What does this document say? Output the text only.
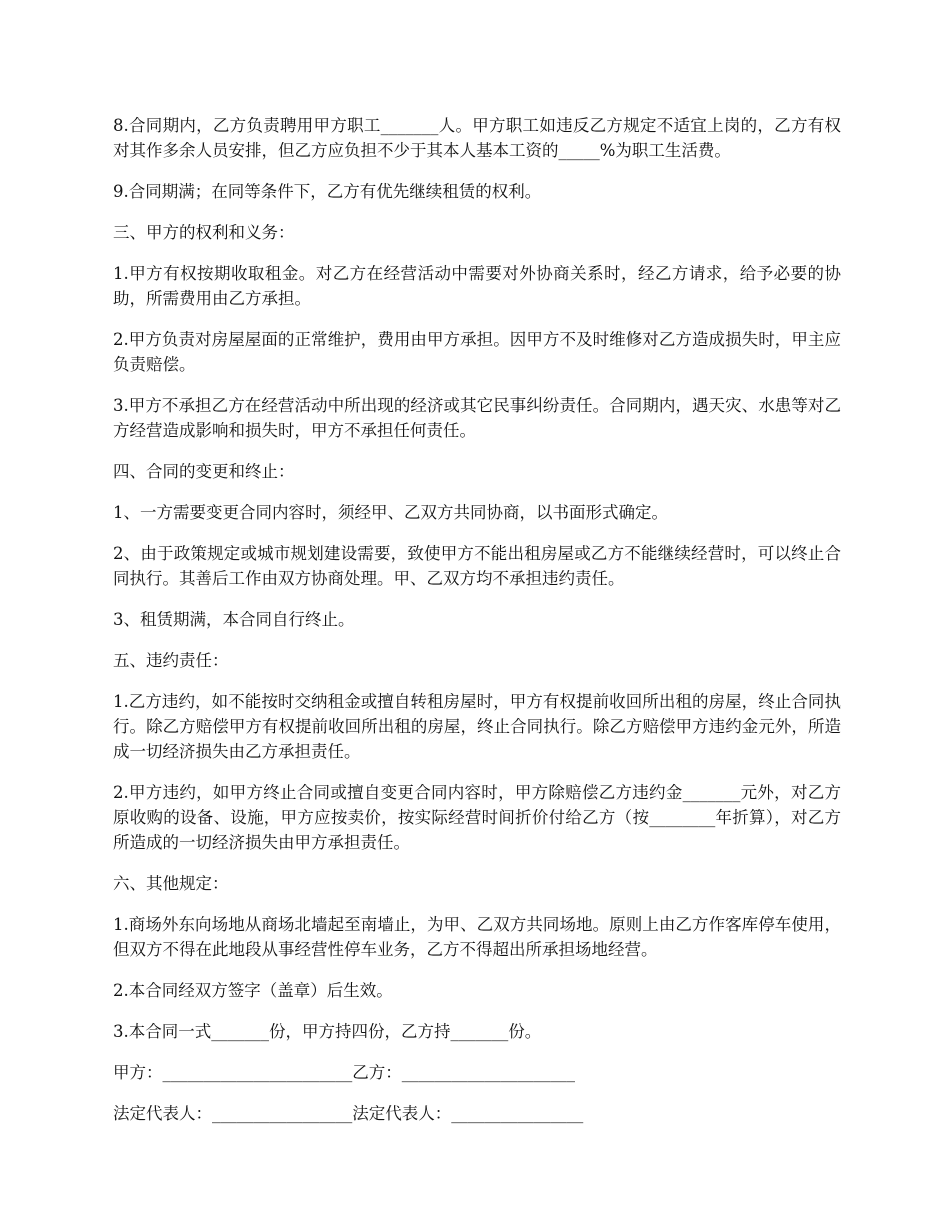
8.合同期内，乙方负责聘用甲方职工_______人。甲方职工如违反乙方规定不适宜上岗的，乙方有权对其作多余人员安排，但乙方应负担不少于其本人基本工资的_____%为职工生活费。

9.合同期满；在同等条件下，乙方有优先继续租赁的权利。

三、甲方的权利和义务：

1.甲方有权按期收取租金。对乙方在经营活动中需要对外协商关系时，经乙方请求，给予必要的协助，所需费用由乙方承担。

2.甲方负责对房屋屋面的正常维护，费用由甲方承担。因甲方不及时维修对乙方造成损失时，甲主应负责赔偿。

3.甲方不承担乙方在经营活动中所出现的经济或其它民事纠纷责任。合同期内，遇天灾、水患等对乙方经营造成影响和损失时，甲方不承担任何责任。

四、合同的变更和终止：

1、一方需要变更合同内容时，须经甲、乙双方共同协商，以书面形式确定。

2、由于政策规定或城市规划建设需要，致使甲方不能出租房屋或乙方不能继续经营时，可以终止合同执行。其善后工作由双方协商处理。甲、乙双方均不承担违约责任。

3、租赁期满，本合同自行终止。

五、违约责任：

1.乙方违约，如不能按时交纳租金或擅自转租房屋时，甲方有权提前收回所出租的房屋，终止合同执行。除乙方赔偿甲方有权提前收回所出租的房屋，终止合同执行。除乙方赔偿甲方违约金元外，所造成一切经济损失由乙方承担责任。

2.甲方违约，如甲方终止合同或擅自变更合同内容时，甲方除赔偿乙方违约金_______元外，对乙方原收购的设备、设施，甲方应按卖价，按实际经营时间折价付给乙方（按________年折算），对乙方所造成的一切经济损失由甲方承担责任。

六、其他规定：

1.商场外东向场地从商场北墙起至南墙止，为甲、乙双方共同场地。原则上由乙方作客库停车使用，但双方不得在此地段从事经营性停车业务，乙方不得超出所承担场地经营。

2.本合同经双方签字（盖章）后生效。

3.本合同一式_______份，甲方持四份，乙方持_______份。

甲方：_______________________乙方：_____________________

法定代表人：_________________法定代表人：________________
